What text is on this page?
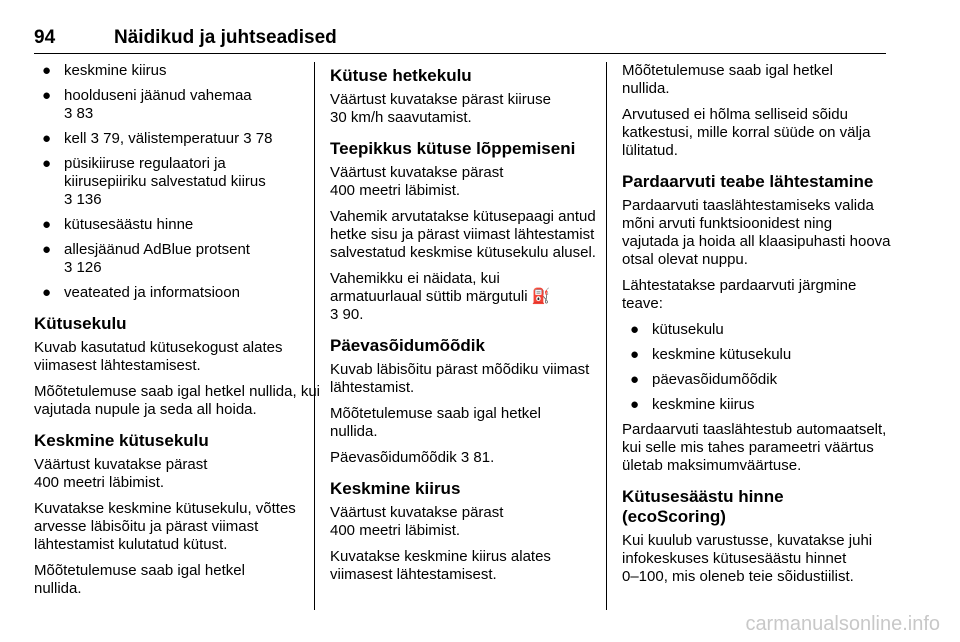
94	Näidikud ja juhtseadised
● keskmine kiirus
● hoolduseni jäänud vahemaa
3 83
● kell 3 79, välistemperatuur 3 78
● püsikiiruse regulaatori ja
kiirusepiiriku salvestatud kiirus
3 136
● kütusesäästu hinne
● allesjäänud AdBlue protsent
3 126
● veateated ja informatsioon
Kütusekulu
Kuvab kasutatud kütusekogust alates viimasest lähtestamisest.
Mõõtetulemuse saab igal hetkel nullida, kui vajutada nupule ja seda all hoida.
Keskmine kütusekulu
Väärtust kuvatakse pärast
400 meetri läbimist.
Kuvatakse keskmine kütusekulu, võttes arvesse läbisõitu ja pärast viimast lähtestamist kulutatud kütust.
Mõõtetulemuse saab igal hetkel
nullida.
Kütuse hetkekulu
Väärtust kuvatakse pärast kiiruse
30 km/h saavutamist.
Teepikkus kütuse lõppemiseni
Väärtust kuvatakse pärast
400 meetri läbimist.
Vahemik arvutatakse kütusepaagi antud hetke sisu ja pärast viimast lähtestamist salvestatud keskmise kütusekulu alusel.
Vahemikku ei näidata, kui
armatuurlaual süttib märgutuli ⛽
3 90.
Päevasõidumõõdik
Kuvab läbisõitu pärast mõõdiku viimast lähtestamist.
Mõõtetulemuse saab igal hetkel
nullida.
Päevasõidumõõdik 3 81.
Keskmine kiirus
Väärtust kuvatakse pärast
400 meetri läbimist.
Kuvatakse keskmine kiirus alates viimasest lähtestamisest.
Mõõtetulemuse saab igal hetkel
nullida.
Arvutused ei hõlma selliseid sõidu katkestusi, mille korral süüde on välja lülitatud.
Pardaarvuti teabe lähtestamine
Pardaarvuti taaslähtestamiseks valida mõni arvuti funktsioonidest ning vajutada ja hoida all klaasipuhasti hoova otsal olevat nuppu.
Lähtestatakse pardaarvuti järgmine teave:
● kütusekulu
● keskmine kütusekulu
● päevasõidumõõdik
● keskmine kiirus
Pardaarvuti taaslähtestub automaatselt, kui selle mis tahes parameetri väärtus ületab maksimumväärtuse.
Kütusesäästu hinne (ecoScoring)
Kui kuulub varustusse, kuvatakse juhi infokeskuses kütusesäästu hinnet
0–100, mis oleneb teie sõidustiilist.
carmanualsonline.info
